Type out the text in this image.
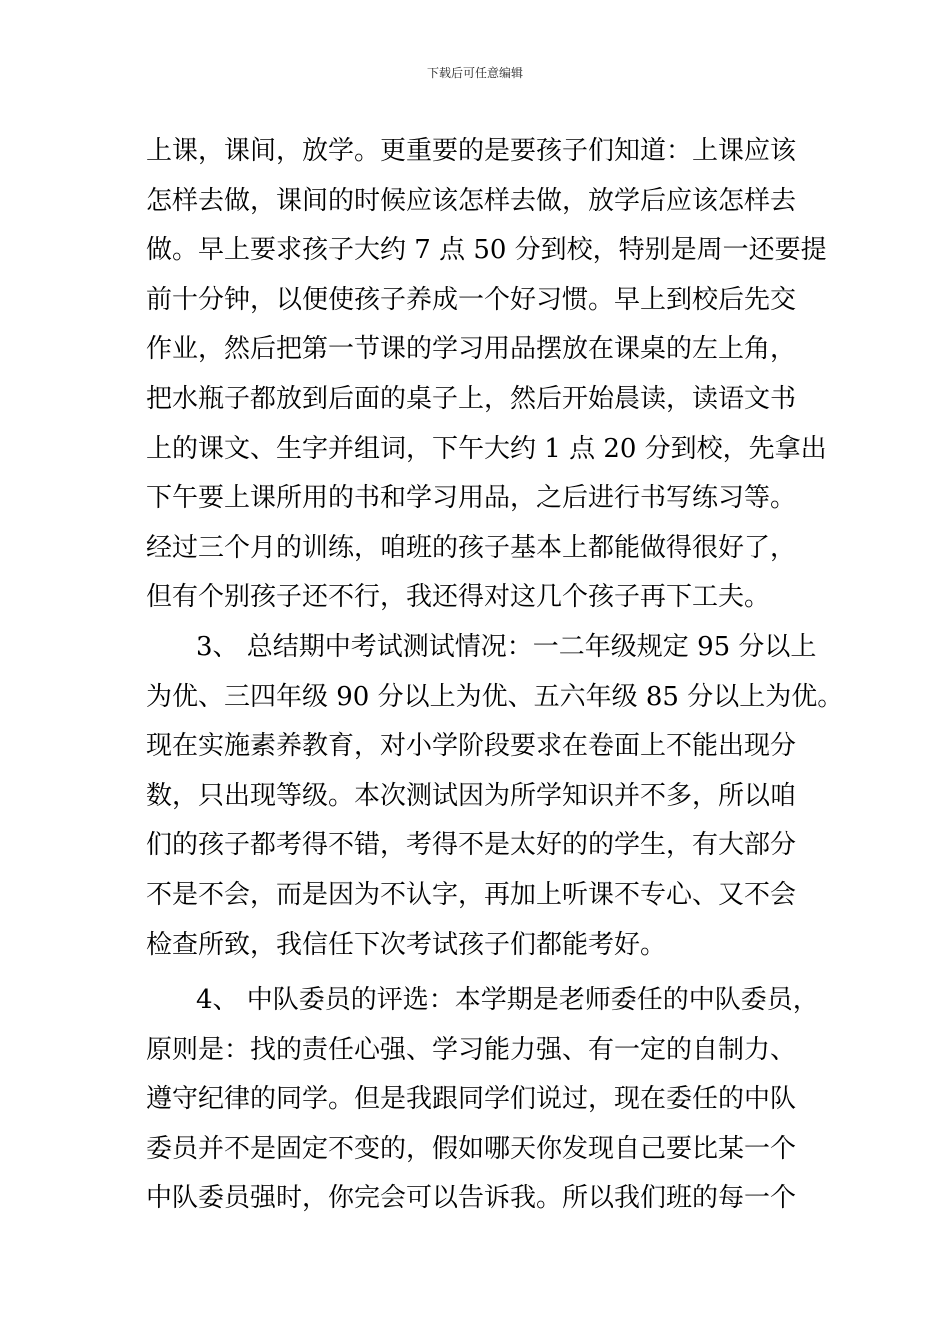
下载后可任意编辑
上课，课间，放学。更重要的是要孩子们知道：上课应该
怎样去做，课间的时候应该怎样去做，放学后应该怎样去
做。早上要求孩子大约 7 点 50 分到校，特别是周一还要提
前十分钟，以便使孩子养成一个好习惯。早上到校后先交
作业，然后把第一节课的学习用品摆放在课桌的左上角，
把水瓶子都放到后面的桌子上，然后开始晨读，读语文书
上的课文、生字并组词，下午大约 1 点 20 分到校，先拿出
下午要上课所用的书和学习用品，之后进行书写练习等。
经过三个月的训练，咱班的孩子基本上都能做得很好了，
但有个别孩子还不行，我还得对这几个孩子再下工夫。
3、 总结期中考试测试情况：一二年级规定 95 分以上
为优、三四年级 90 分以上为优、五六年级 85 分以上为优。
现在实施素养教育，对小学阶段要求在卷面上不能出现分
数，只出现等级。本次测试因为所学知识并不多，所以咱
们的孩子都考得不错，考得不是太好的的学生，有大部分
不是不会，而是因为不认字，再加上听课不专心、又不会
检查所致，我信任下次考试孩子们都能考好。
4、 中队委员的评选：本学期是老师委任的中队委员，
原则是：找的责任心强、学习能力强、有一定的自制力、
遵守纪律的同学。但是我跟同学们说过，现在委任的中队
委员并不是固定不变的，假如哪天你发现自己要比某一个
中队委员强时，你完会可以告诉我。所以我们班的每一个
